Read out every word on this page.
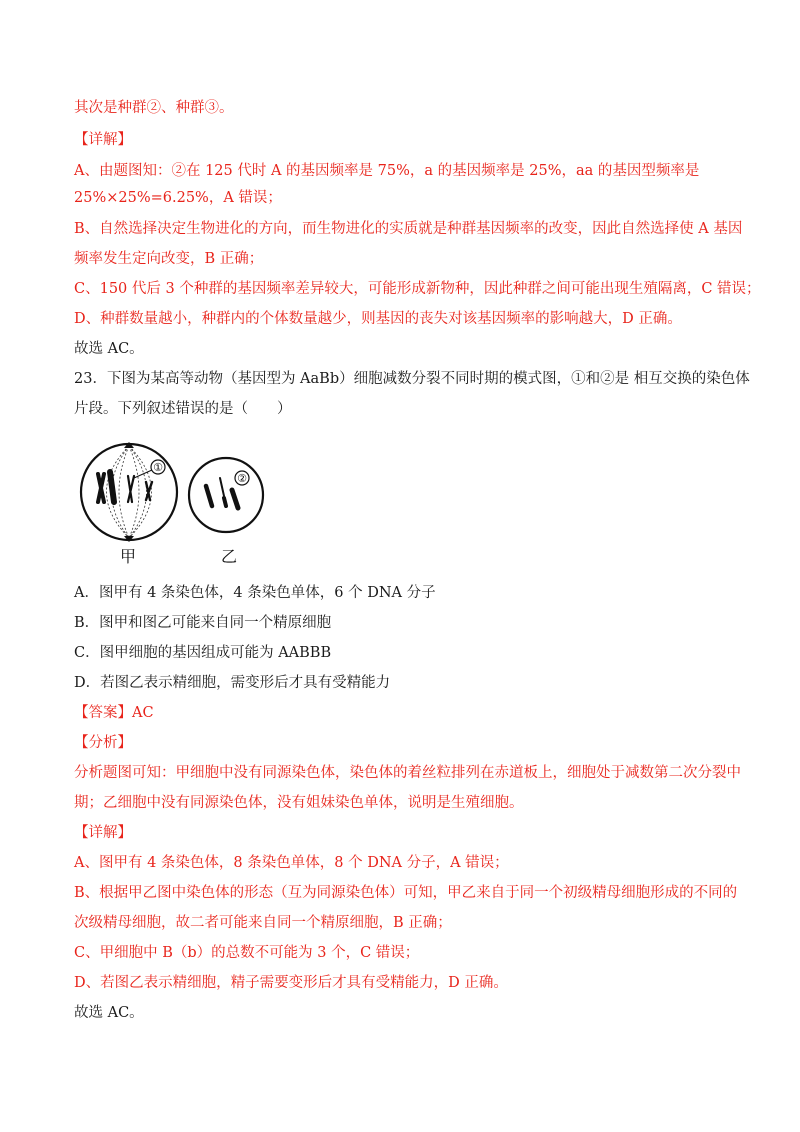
其次是种群②、种群③。
【详解】
A、由题图知：②在 125 代时 A 的基因频率是 75%，a 的基因频率是 25%，aa 的基因型频率是
25%×25%=6.25%，A 错误；
B、自然选择决定生物进化的方向，而生物进化的实质就是种群基因频率的改变，因此自然选择使 A 基因
频率发生定向改变，B 正确；
C、150 代后 3 个种群的基因频率差异较大，可能形成新物种，因此种群之间可能出现生殖隔离，C 错误；
D、种群数量越小，种群内的个体数量越少，则基因的丧失对该基因频率的影响越大，D 正确。
故选 AC。
23．下图为某高等动物（基因型为 AaBb）细胞减数分裂不同时期的模式图，①和②是 相互交换的染色体
片段。下列叙述错误的是（　　）
①
②
甲	乙
A．图甲有 4 条染色体，4 条染色单体，6 个 DNA 分子
B．图甲和图乙可能来自同一个精原细胞
C．图甲细胞的基因组成可能为 AABBB
D．若图乙表示精细胞，需变形后才具有受精能力
【答案】AC
【分析】
分析题图可知：甲细胞中没有同源染色体，染色体的着丝粒排列在赤道板上，细胞处于减数第二次分裂中
期；乙细胞中没有同源染色体，没有姐妹染色单体，说明是生殖细胞。
【详解】
A、图甲有 4 条染色体，8 条染色单体，8 个 DNA 分子，A 错误；
B、根据甲乙图中染色体的形态（互为同源染色体）可知，甲乙来自于同一个初级精母细胞形成的不同的
次级精母细胞，故二者可能来自同一个精原细胞，B 正确；
C、甲细胞中 B（b）的总数不可能为 3 个，C 错误；
D、若图乙表示精细胞，精子需要变形后才具有受精能力，D 正确。
故选 AC。
